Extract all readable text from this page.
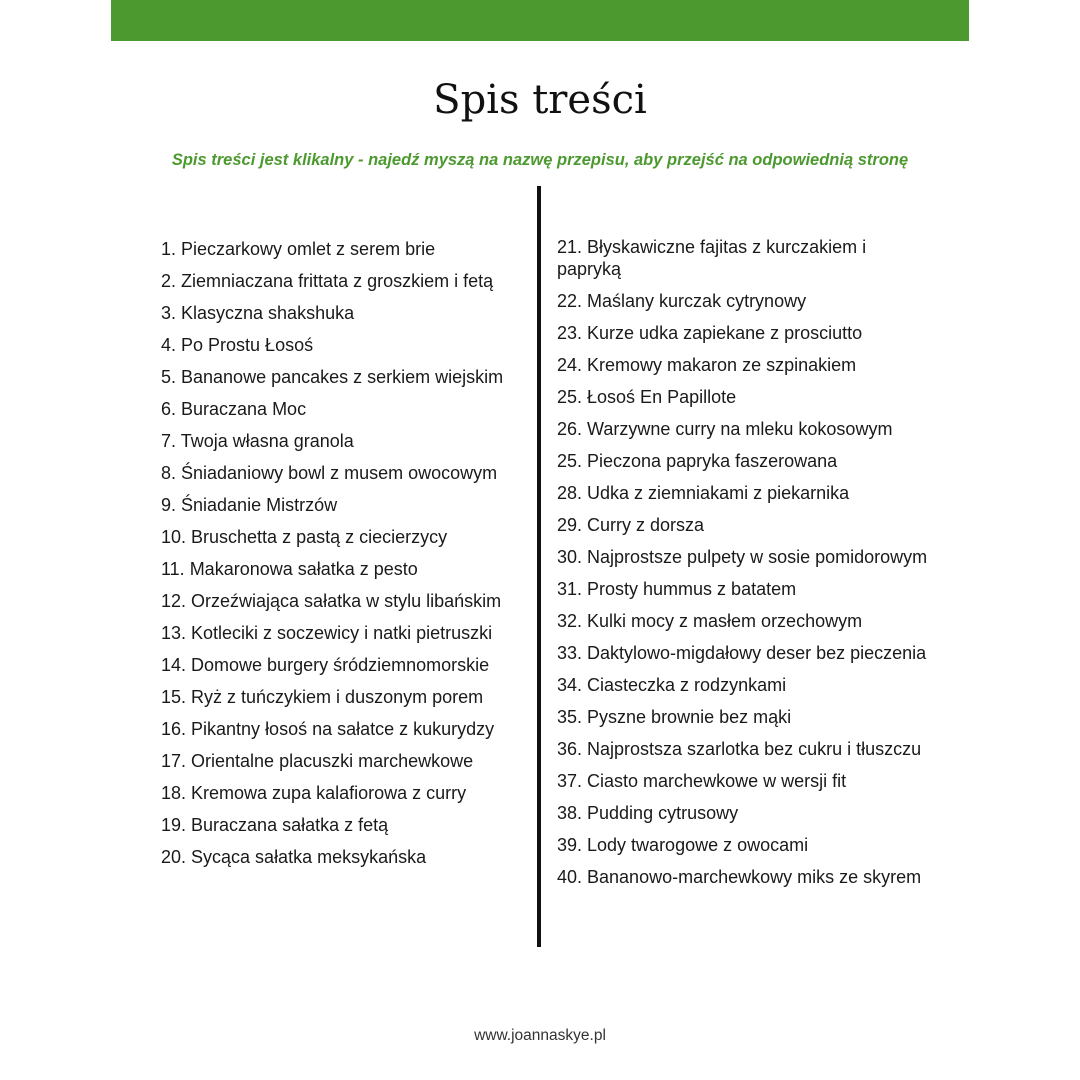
Spis treści

Spis treści jest klikalny - najedź myszą na nazwę przepisu, aby przejść na odpowiednią stronę

1. Pieczarkowy omlet z serem brie
2. Ziemniaczana frittata z groszkiem i fetą
3. Klasyczna shakshuka
4. Po Prostu Łosoś
5. Bananowe pancakes z serkiem wiejskim
6. Buraczana Moc
7. Twoja własna granola
8. Śniadaniowy bowl z musem owocowym
9. Śniadanie Mistrzów
10. Bruschetta z pastą z ciecierzycy
11. Makaronowa sałatka z pesto
12. Orzeźwiająca sałatka w stylu libańskim
13. Kotleciki z soczewicy i natki pietruszki
14. Domowe burgery śródziemnomorskie
15. Ryż z tuńczykiem i duszonym porem
16. Pikantny łosoś na sałatce z kukurydzy
17. Orientalne placuszki marchewkowe
18. Kremowa zupa kalafiorowa z curry
19. Buraczana sałatka z fetą
20. Sycąca sałatka meksykańska
21. Błyskawiczne fajitas z kurczakiem i papryką
22. Maślany kurczak cytrynowy
23. Kurze udka zapiekane z prosciutto
24. Kremowy makaron ze szpinakiem
25. Łosoś En Papillote
26. Warzywne curry na mleku kokosowym
25. Pieczona papryka faszerowana
28. Udka z ziemniakami z piekarnika
29. Curry z dorsza
30. Najprostsze pulpety w sosie pomidorowym
31. Prosty hummus z batatem
32. Kulki mocy z masłem orzechowym
33. Daktylowo-migdałowy deser bez pieczenia
34. Ciasteczka z rodzynkami
35. Pyszne brownie bez mąki
36. Najprostsza szarlotka bez cukru i tłuszczu
37. Ciasto marchewkowe w wersji fit
38. Pudding cytrusowy
39. Lody twarogowe z owocami
40. Bananowo-marchewkowy miks ze skyrem
www.joannaskye.pl
